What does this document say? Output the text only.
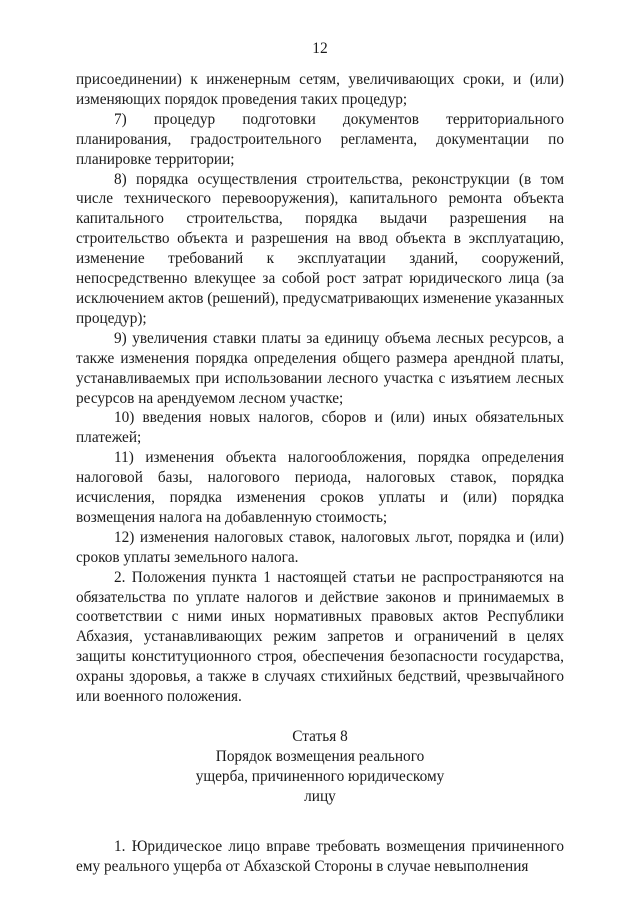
12

присоединении) к инженерным сетям, увеличивающих сроки, и (или) изменяющих порядок проведения таких процедур;

7) процедур подготовки документов территориального планирования, градостроительного регламента, документации по планировке территории;

8) порядка осуществления строительства, реконструкции (в том числе технического перевооружения), капитального ремонта объекта капитального строительства, порядка выдачи разрешения на строительство объекта и разрешения на ввод объекта в эксплуатацию, изменение требований к эксплуатации зданий, сооружений, непосредственно влекущее за собой рост затрат юридического лица (за исключением актов (решений), предусматривающих изменение указанных процедур);

9) увеличения ставки платы за единицу объема лесных ресурсов, а также изменения порядка определения общего размера арендной платы, устанавливаемых при использовании лесного участка с изъятием лесных ресурсов на арендуемом лесном участке;

10) введения новых налогов, сборов и (или) иных обязательных платежей;

11) изменения объекта налогообложения, порядка определения налоговой базы, налогового периода, налоговых ставок, порядка исчисления, порядка изменения сроков уплаты и (или) порядка возмещения налога на добавленную стоимость;

12) изменения налоговых ставок, налоговых льгот, порядка и (или) сроков уплаты земельного налога.

2. Положения пункта 1 настоящей статьи не распространяются на обязательства по уплате налогов и действие законов и принимаемых в соответствии с ними иных нормативных правовых актов Республики Абхазия, устанавливающих режим запретов и ограничений в целях защиты конституционного строя, обеспечения безопасности государства, охраны здоровья, а также в случаях стихийных бедствий, чрезвычайного или военного положения.

Статья 8

Порядок возмещения реального ущерба, причиненного юридическому лицу

1. Юридическое лицо вправе требовать возмещения причиненного ему реального ущерба от Абхазской Стороны в случае невыполнения
